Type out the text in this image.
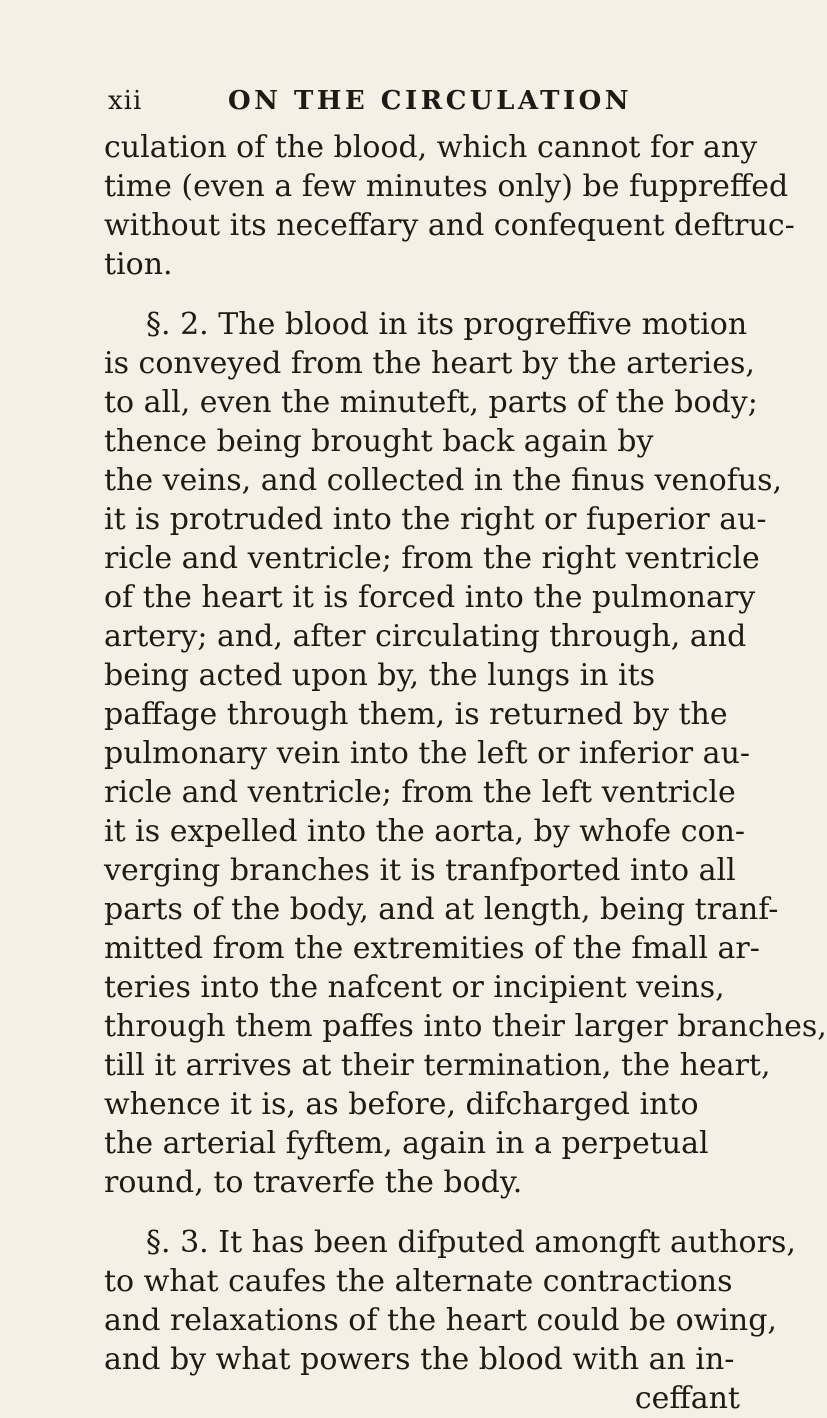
xii	ON THE CIRCULATION
culation of the blood, which cannot for any
time (even a few minutes only) be fuppreffed
without its neceffary and confequent deftruc-
tion.
§. 2. The blood in its progreffive motion
is conveyed from the heart by the arteries,
to all, even the minuteft, parts of the body;
thence being brought back again by
the veins, and collected in the finus venofus,
it is protruded into the right or fuperior au-
ricle and ventricle; from the right ventricle
of the heart it is forced into the pulmonary
artery; and, after circulating through, and
being acted upon by, the lungs in its
paffage through them, is returned by the
pulmonary vein into the left or inferior au-
ricle and ventricle; from the left ventricle
it is expelled into the aorta, by whofe con-
verging branches it is tranfported into all
parts of the body, and at length, being tranf-
mitted from the extremities of the fmall ar-
teries into the nafcent or incipient veins,
through them paffes into their larger branches,
till it arrives at their termination, the heart,
whence it is, as before, difcharged into
the arterial fyftem, again in a perpetual
round, to traverfe the body.
§. 3. It has been difputed amongft authors,
to what caufes the alternate contractions
and relaxations of the heart could be owing,
and by what powers the blood with an in-
ceffant
